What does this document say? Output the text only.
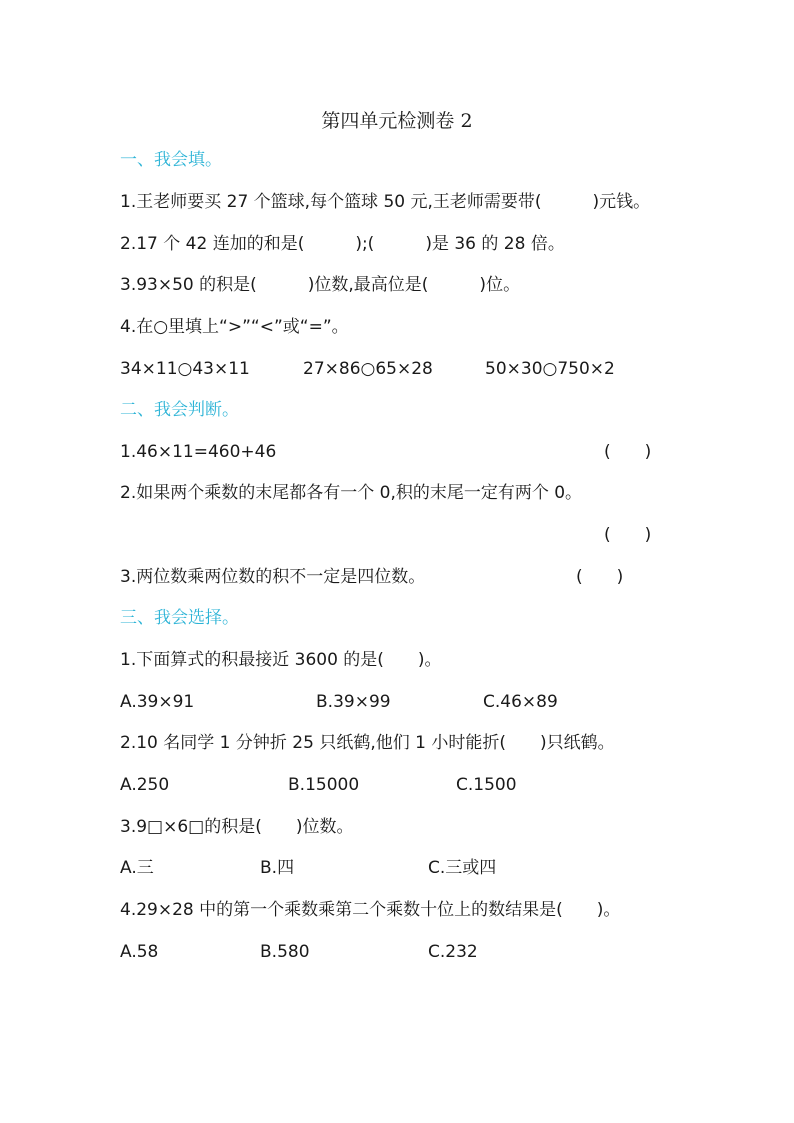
第四单元检测卷 2
一、我会填。
1.王老师要买 27 个篮球,每个篮球 50 元,王老师需要带(　　　)元钱。
2.17 个 42 连加的和是(　　　);(　　　)是 36 的 28 倍。
3.93×50 的积是(　　　)位数,最高位是(　　　)位。
4.在○里填上“>”“<”或“=”。
34×11○43×11	27×86○65×28	50×30○750×2
二、我会判断。
1.46×11=460+46	(　　)
2.如果两个乘数的末尾都各有一个 0,积的末尾一定有两个 0。
(　　)
3.两位数乘两位数的积不一定是四位数。	(　　)
三、我会选择。
1.下面算式的积最接近 3600 的是(　　)。
A.39×91	B.39×99	C.46×89
2.10 名同学 1 分钟折 25 只纸鹤,他们 1 小时能折(　　)只纸鹤。
A.250	B.15000	C.1500
3.9□×6□的积是(　　)位数。
A.三	B.四	C.三或四
4.29×28 中的第一个乘数乘第二个乘数十位上的数结果是(　　)。
A.58	B.580	C.232
